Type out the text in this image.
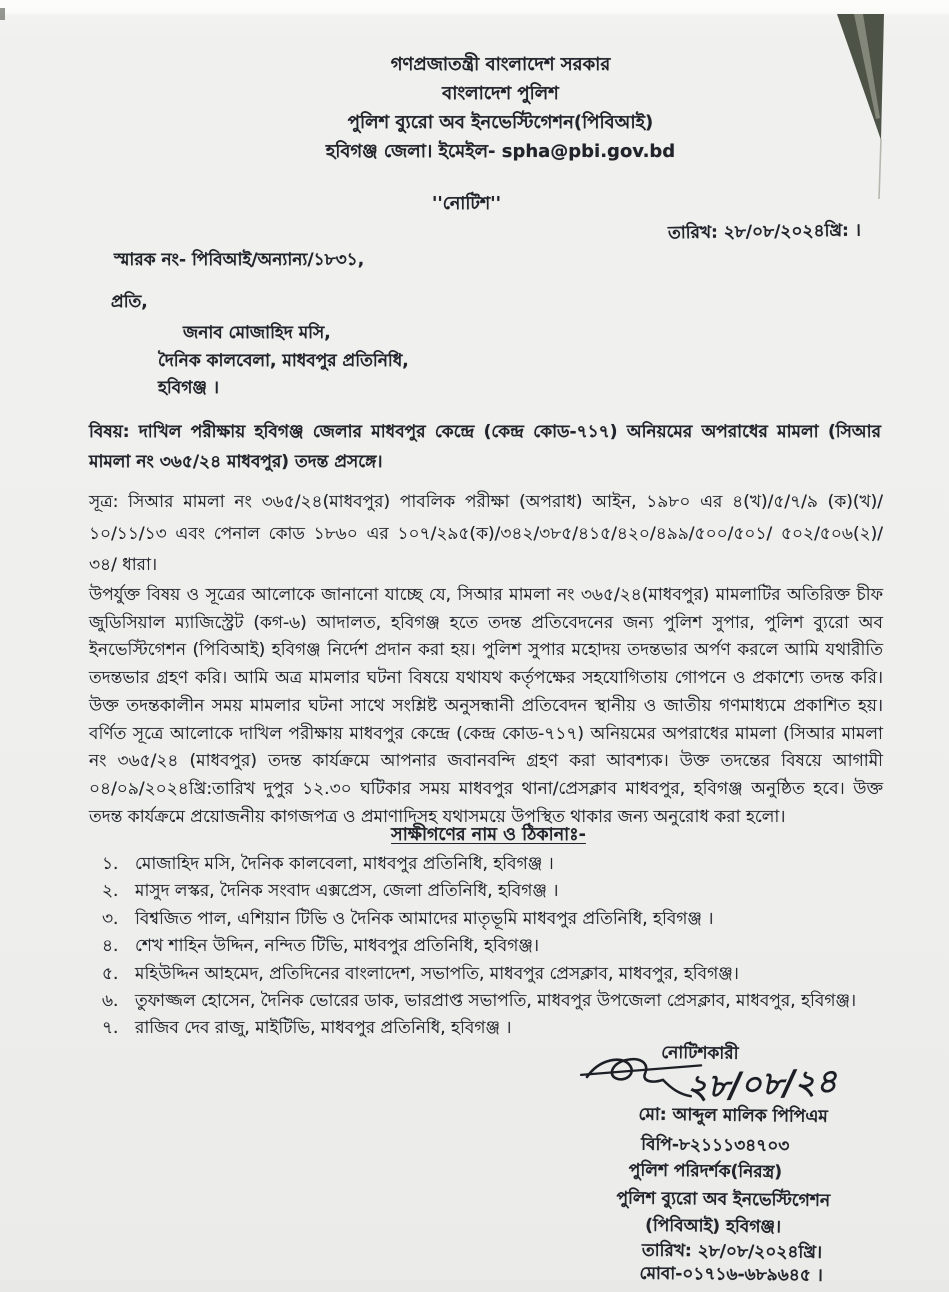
গণপ্রজাতন্ত্রী বাংলাদেশ সরকার
বাংলাদেশ পুলিশ
পুলিশ ব্যুরো অব ইনভেস্টিগেশন(পিবিআই)
হবিগঞ্জ জেলা। ইমেইল- spha@pbi.gov.bd
''নোটিশ''
তারিখ: ২৮/০৮/২০২৪খ্রি: ।
স্মারক নং- পিবিআই/অন্যান্য/১৮৩১,
প্রতি,
জনাব মোজাহিদ মসি,
দৈনিক কালবেলা, মাধবপুর প্রতিনিধি,
হবিগঞ্জ ।
বিষয়: দাখিল পরীক্ষায় হবিগঞ্জ জেলার মাধবপুর কেন্দ্রে (কেন্দ্র কোড-৭১৭) অনিয়মের অপরাধের মামলা (সিআর মামলা নং ৩৬৫/২৪ মাধবপুর) তদন্ত প্রসঙ্গে।
সূত্র: সিআর মামলা নং ৩৬৫/২৪(মাধবপুর) পাবলিক পরীক্ষা (অপরাধ) আইন, ১৯৮০ এর ৪(খ)/৫/৭/৯ (ক)(খ)/১০/১১/১৩ এবং পেনাল কোড ১৮৬০ এর ১০৭/২৯৫(ক)/৩৪২/৩৮৫/৪১৫/৪২০/৪৯৯/৫০০/৫০১/ ৫০২/৫০৬(২)/৩৪/ ধারা।
উপর্যুক্ত বিষয় ও সূত্রের আলোকে জানানো যাচ্ছে যে, সিআর মামলা নং ৩৬৫/২৪(মাধবপুর) মামলাটির অতিরিক্ত চীফ জুডিসিয়াল ম্যাজিস্ট্রেট (কগ-৬) আদালত, হবিগঞ্জ হতে তদন্ত প্রতিবেদনের জন্য পুলিশ সুপার, পুলিশ ব্যুরো অব ইনভেস্টিগেশন (পিবিআই) হবিগঞ্জ নির্দেশ প্রদান করা হয়। পুলিশ সুপার মহোদয় তদন্তভার অর্পণ করলে আমি যথারীতি তদন্তভার গ্রহণ করি। আমি অত্র মামলার ঘটনা বিষয়ে যথাযথ কর্তৃপক্ষের সহযোগিতায় গোপনে ও প্রকাশ্যে তদন্ত করি। উক্ত তদন্তকালীন সময় মামলার ঘটনা সাথে সংশ্লিষ্ট অনুসন্ধানী প্রতিবেদন স্থানীয় ও জাতীয় গণমাধ্যমে প্রকাশিত হয়। বর্ণিত সূত্রে আলোকে দাখিল পরীক্ষায় মাধবপুর কেন্দ্রে (কেন্দ্র কোড-৭১৭) অনিয়মের অপরাধের মামলা (সিআর মামলা নং ৩৬৫/২৪ (মাধবপুর) তদন্ত কার্যক্রমে আপনার জবানবন্দি গ্রহণ করা আবশ্যক। উক্ত তদন্তের বিষয়ে আগামী ০৪/০৯/২০২৪খ্রি:তারিখ দুপুর ১২.৩০ ঘটিকার সময় মাধবপুর থানা/প্রেসক্লাব মাধবপুর, হবিগঞ্জ অনুষ্ঠিত হবে। উক্ত তদন্ত কার্যক্রমে প্রয়োজনীয় কাগজপত্র ও প্রমাণাদিসহ যথাসময়ে উপস্থিত থাকার জন্য অনুরোধ করা হলো।
সাক্ষীগণের নাম ও ঠিকানাঃ-
১. মোজাহিদ মসি, দৈনিক কালবেলা, মাধবপুর প্রতিনিধি, হবিগঞ্জ ।
২. মাসুদ লস্কর, দৈনিক সংবাদ এক্সপ্রেস, জেলা প্রতিনিধি, হবিগঞ্জ ।
৩. বিশ্বজিত পাল, এশিয়ান টিভি ও দৈনিক আমাদের মাতৃভূমি মাধবপুর প্রতিনিধি, হবিগঞ্জ ।
৪. শেখ শাহিন উদ্দিন, নন্দিত টিভি, মাধবপুর প্রতিনিধি, হবিগঞ্জ।
৫. মহিউদ্দিন আহমেদ, প্রতিদিনের বাংলাদেশ, সভাপতি, মাধবপুর প্রেসক্লাব, মাধবপুর, হবিগঞ্জ।
৬. তুফাজ্জল হোসেন, দৈনিক ভোরের ডাক, ভারপ্রাপ্ত সভাপতি, মাধবপুর উপজেলা প্রেসক্লাব, মাধবপুর, হবিগঞ্জ।
৭. রাজিব দেব রাজু, মাইটিভি, মাধবপুর প্রতিনিধি, হবিগঞ্জ ।
নোটিশকারী
২৮/০৮/২৪
মো: আব্দুল মালিক পিপিএম
বিপি-৮২১১১৩৪৭০৩
পুলিশ পরিদর্শক(নিরস্ত্র)
পুলিশ ব্যুরো অব ইনভেস্টিগেশন
(পিবিআই) হবিগঞ্জ।
তারিখ: ২৮/০৮/২০২৪খ্রি।
মোবা-০১৭১৬-৬৮৯৬৪৫ ।
